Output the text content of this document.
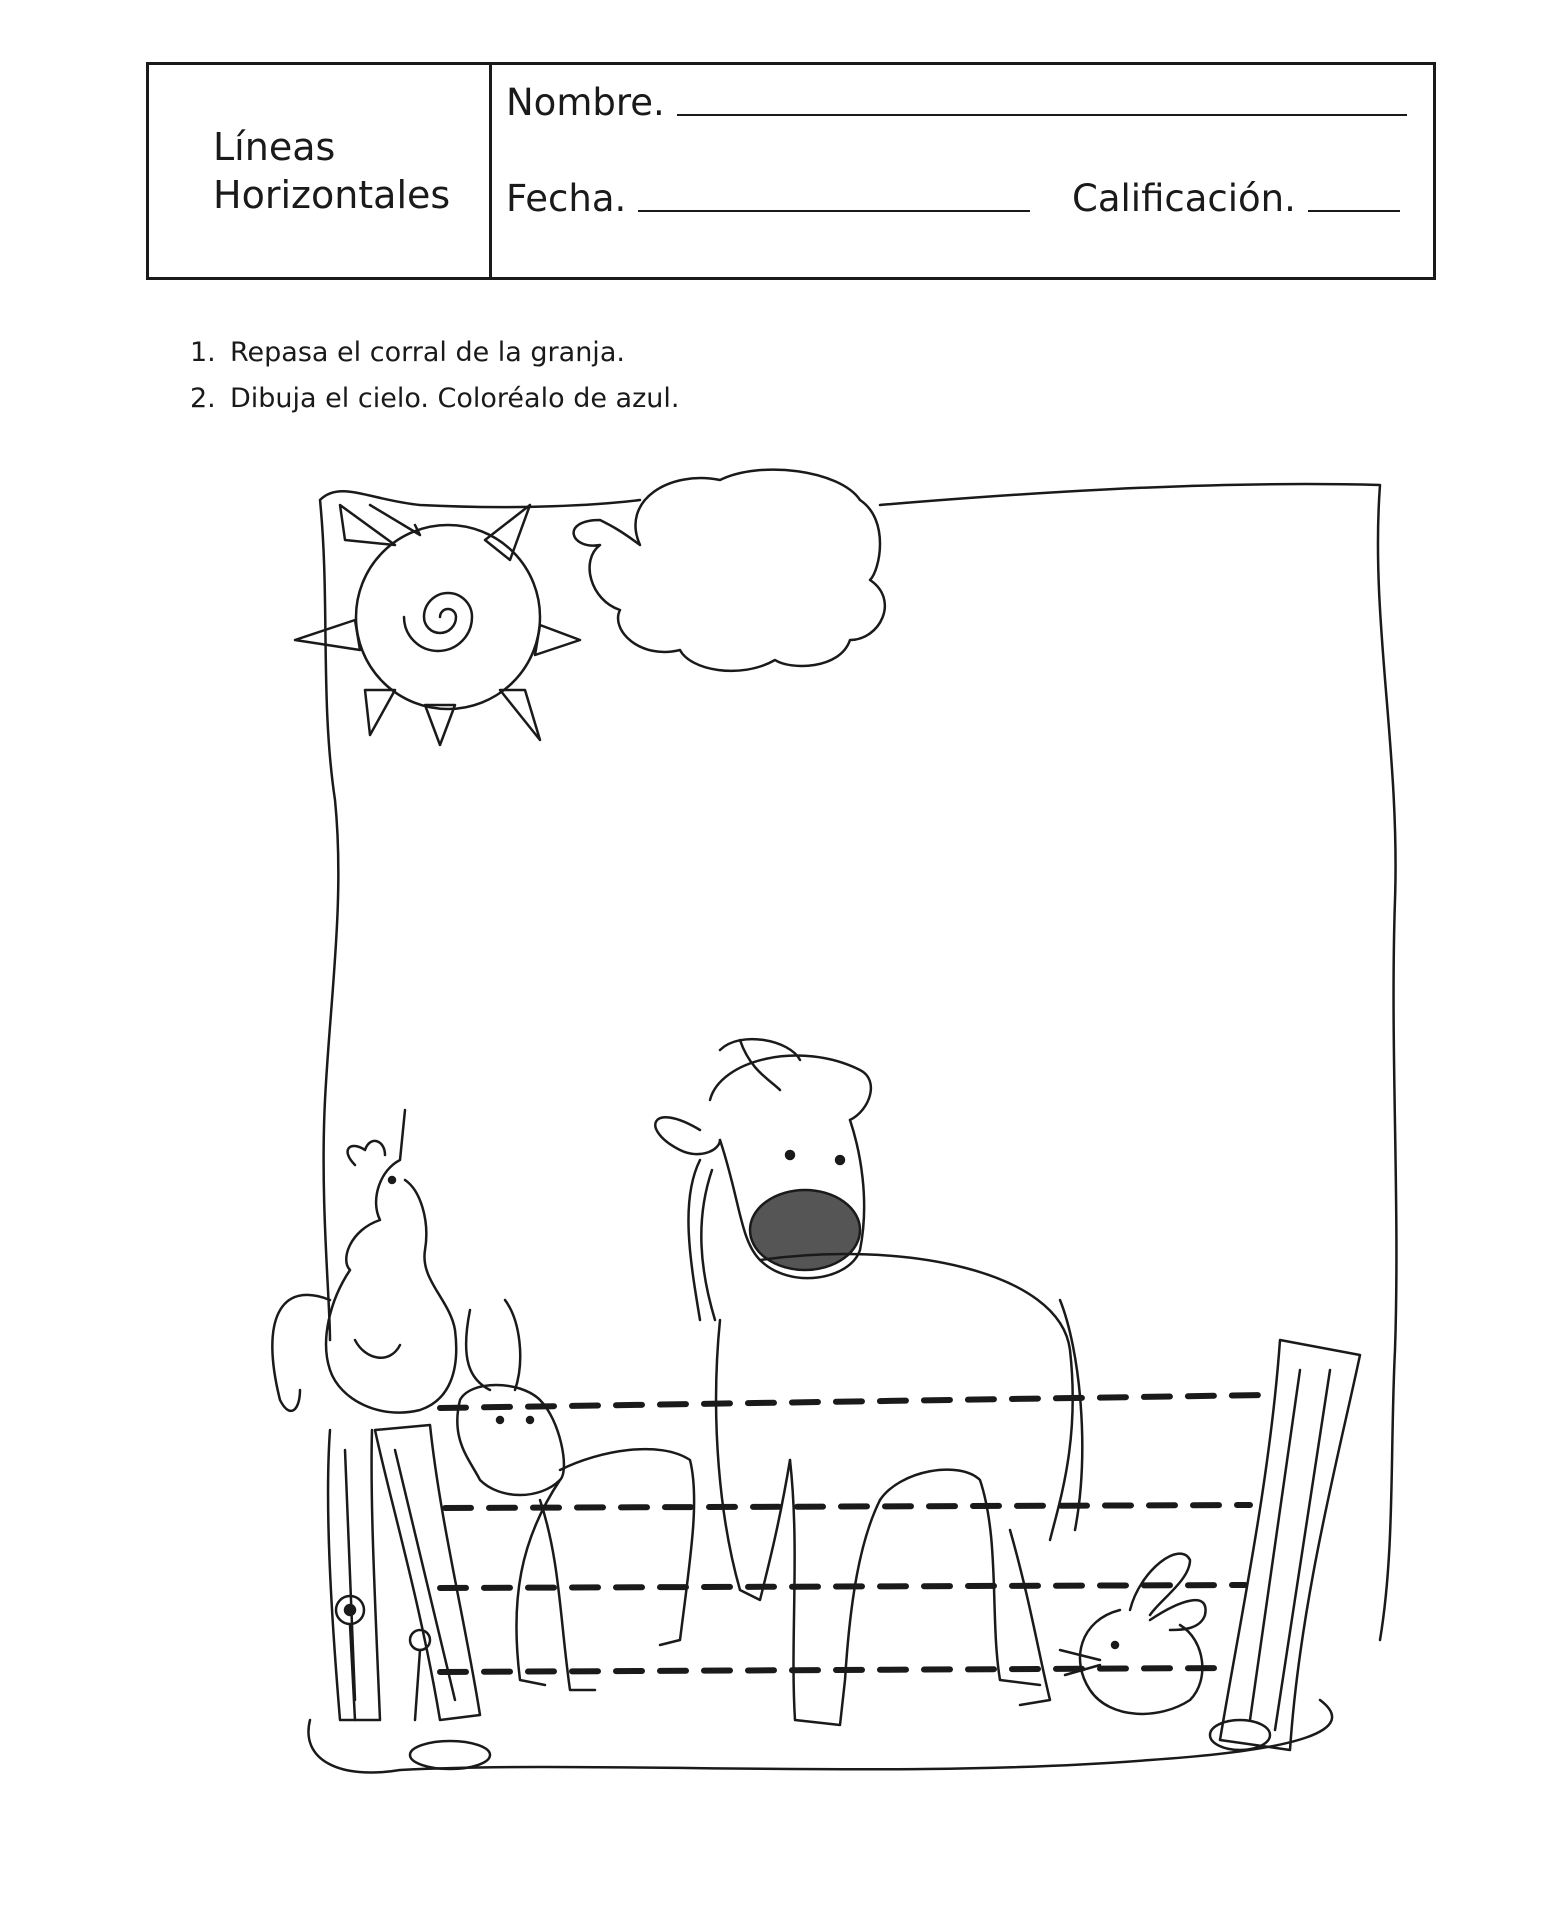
Líneas
Horizontales
Nombre.
Fecha.	Calificación.
1. Repasa el corral de la granja.
2. Dibuja el cielo. Coloréalo de azul.
